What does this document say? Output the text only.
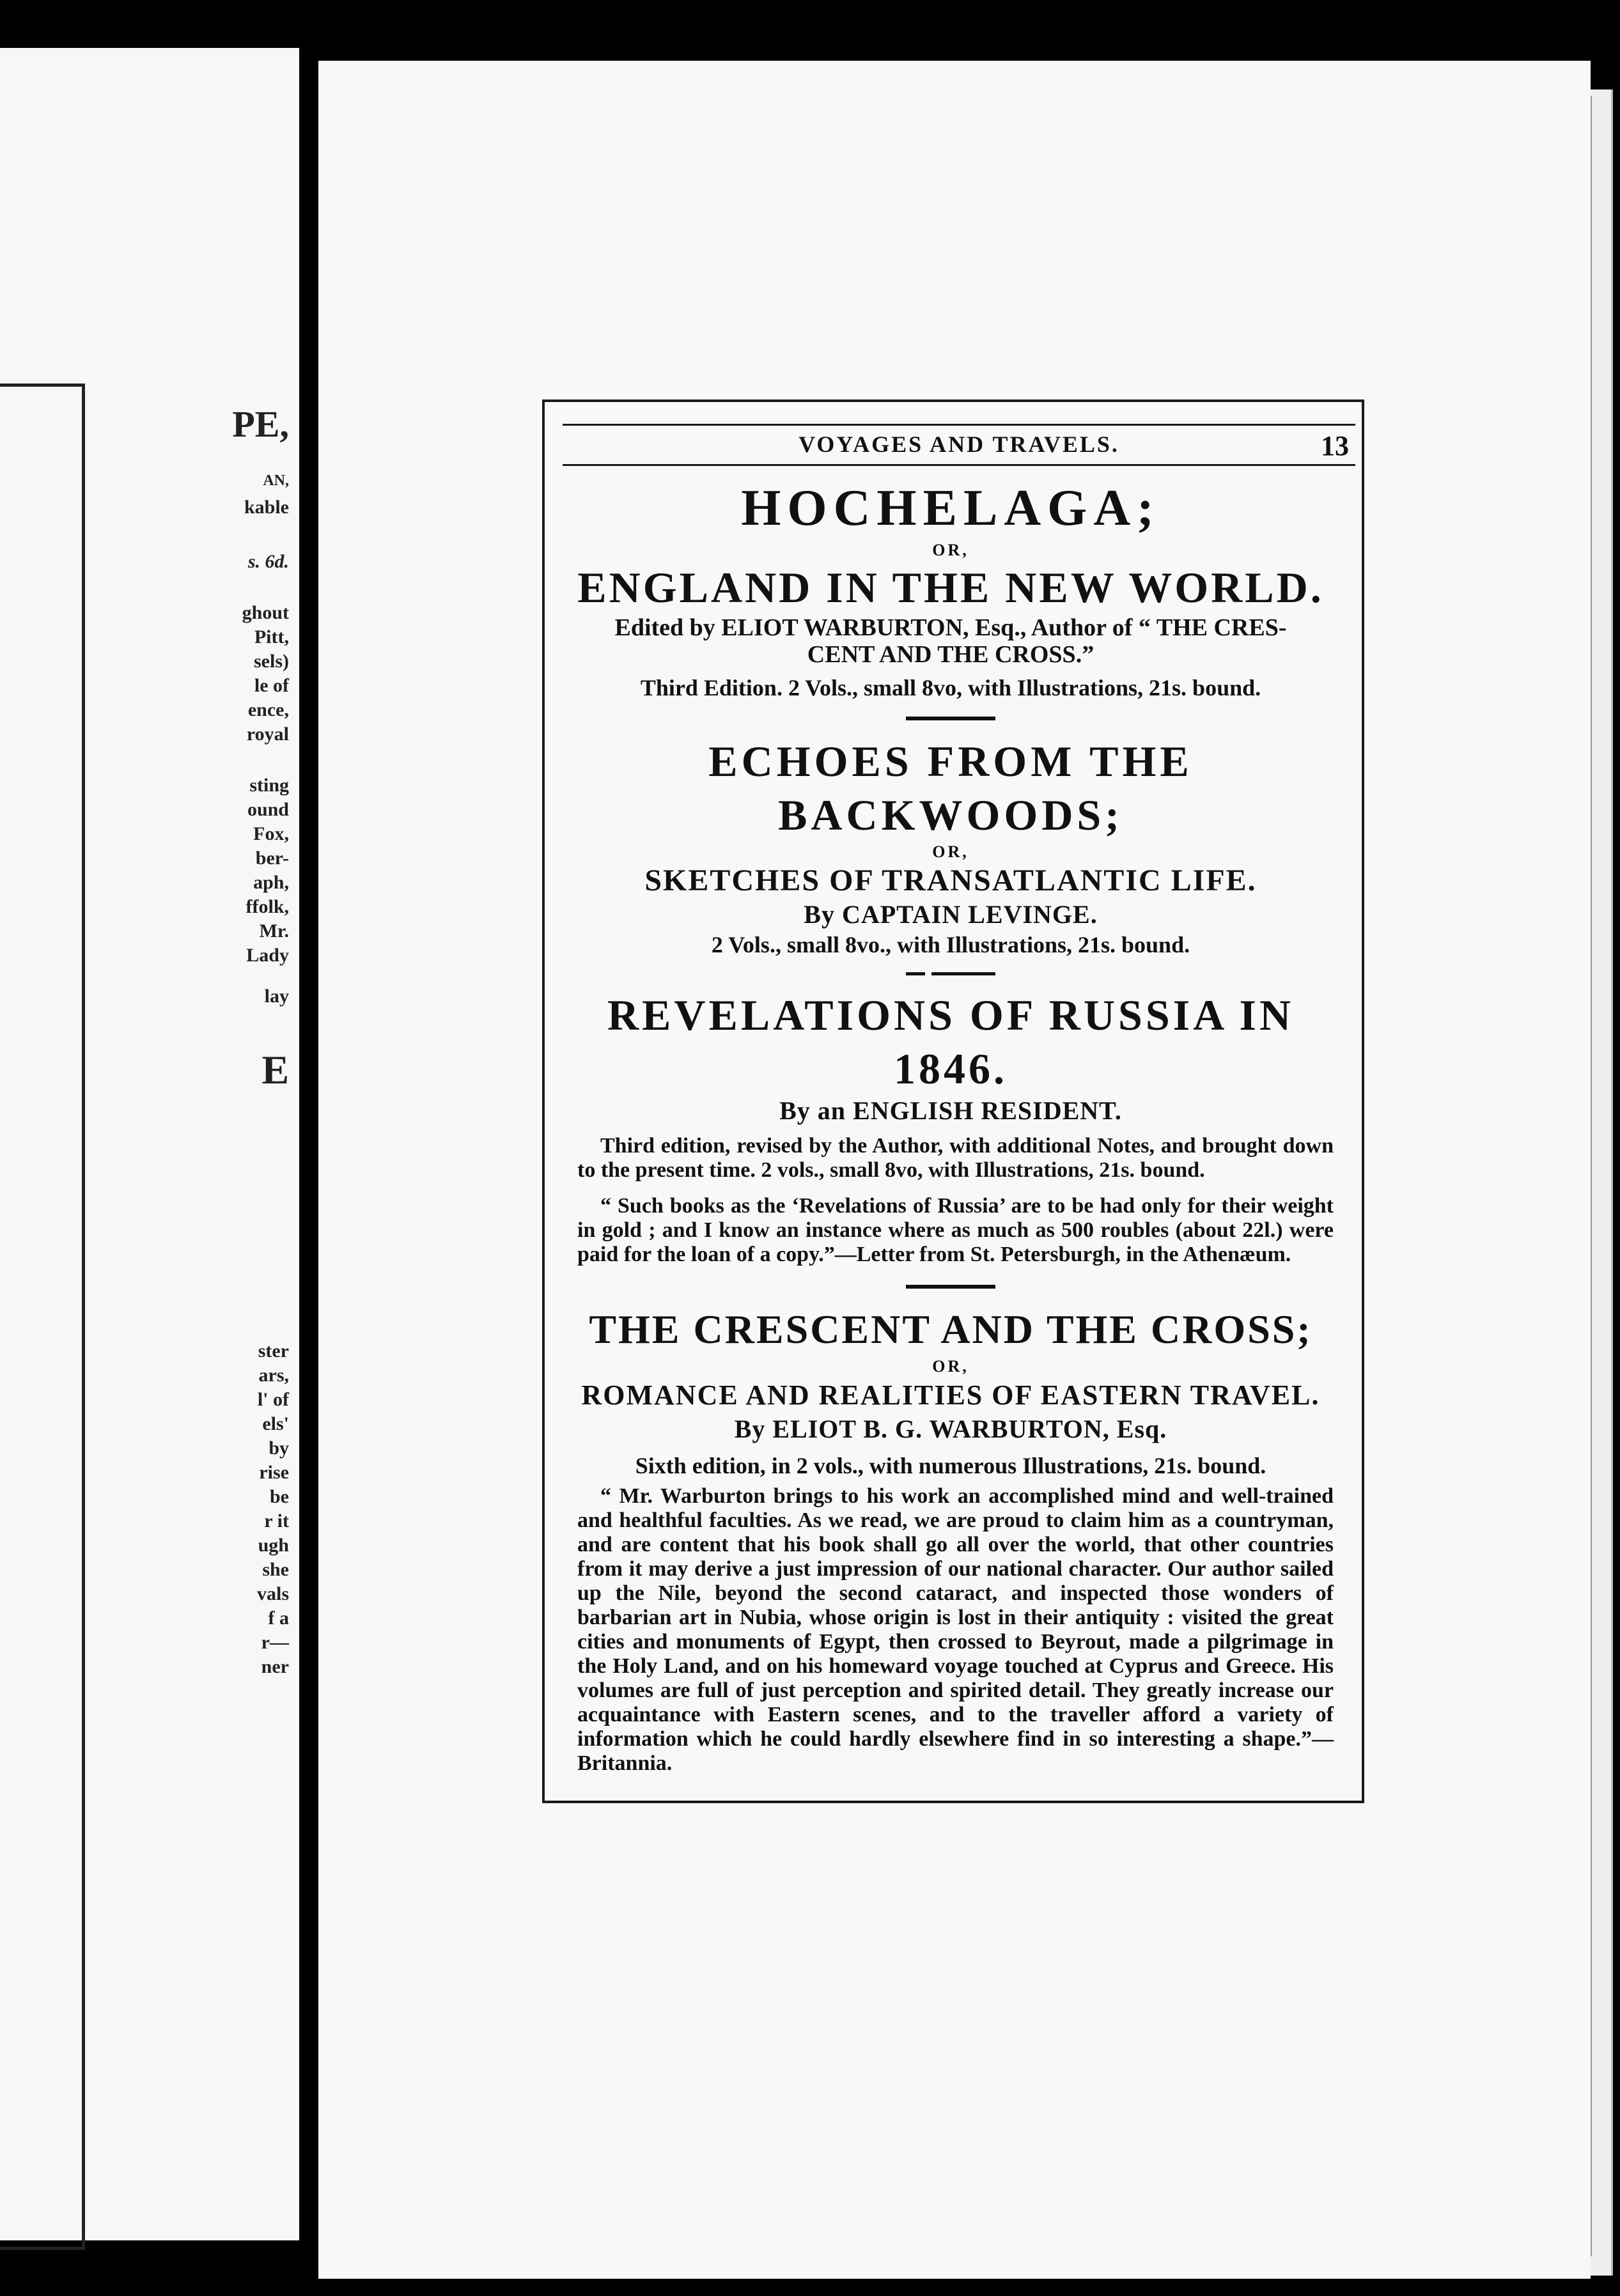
PE,
AN,
kable
s. 6d.
ghout
Pitt,
sels)
le of
ence,
royal
sting
ound
Fox,
ber-
aph,
ffolk,
Mr.
Lady
lay
E
ster
ars,
l' of
els'
by
rise
be
r it
ugh
she
vals
f a
r—
ner
VOYAGES AND TRAVELS.	13
HOCHELAGA;
OR,
ENGLAND IN THE NEW WORLD.
Edited by ELIOT WARBURTON, Esq., Author of “ THE CRES-
CENT AND THE CROSS.”
Third Edition. 2 Vols., small 8vo, with Illustrations, 21s. bound.
ECHOES FROM THE BACKWOODS;
OR,
SKETCHES OF TRANSATLANTIC LIFE.
By CAPTAIN LEVINGE.
2 Vols., small 8vo., with Illustrations, 21s. bound.
REVELATIONS OF RUSSIA IN 1846.
By an ENGLISH RESIDENT.
Third edition, revised by the Author, with additional Notes, and brought down to the present time. 2 vols., small 8vo, with Illustrations, 21s. bound.
“ Such books as the ‘Revelations of Russia’ are to be had only for their weight in gold ; and I know an instance where as much as 500 roubles (about 22l.) were paid for the loan of a copy.”—Letter from St. Petersburgh, in the Athenæum.
THE CRESCENT AND THE CROSS;
OR,
ROMANCE AND REALITIES OF EASTERN TRAVEL.
By ELIOT B. G. WARBURTON, Esq.
Sixth edition, in 2 vols., with numerous Illustrations, 21s. bound.
“ Mr. Warburton brings to his work an accomplished mind and well-trained and healthful faculties. As we read, we are proud to claim him as a countryman, and are content that his book shall go all over the world, that other countries from it may derive a just impression of our national character. Our author sailed up the Nile, beyond the second cataract, and inspected those wonders of barbarian art in Nubia, whose origin is lost in their antiquity : visited the great cities and monuments of Egypt, then crossed to Beyrout, made a pilgrimage in the Holy Land, and on his homeward voyage touched at Cyprus and Greece. His volumes are full of just perception and spirited detail. They greatly increase our acquaintance with Eastern scenes, and to the traveller afford a variety of information which he could hardly elsewhere find in so interesting a shape.”—Britannia.
